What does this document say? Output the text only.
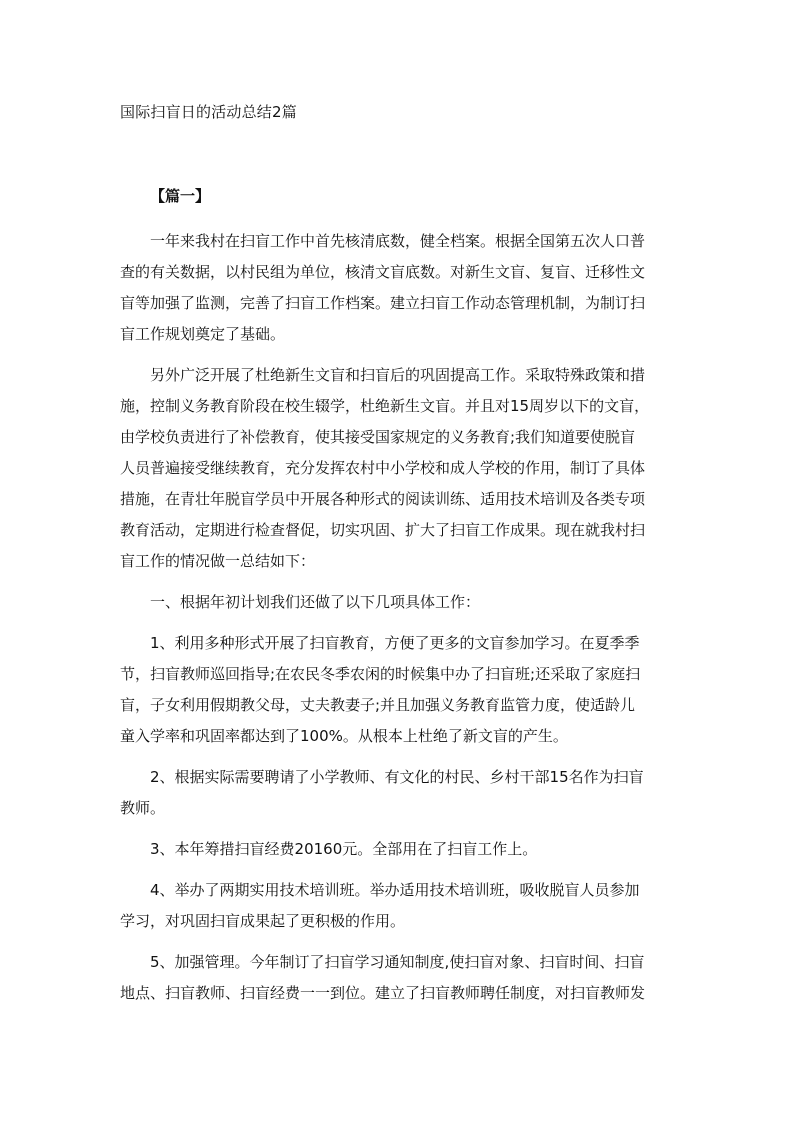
国际扫盲日的活动总结2篇
【篇一】
一年来我村在扫盲工作中首先核清底数，健全档案。根据全国第五次人口普
查的有关数据，以村民组为单位，核清文盲底数。对新生文盲、复盲、迁移性文
盲等加强了监测，完善了扫盲工作档案。建立扫盲工作动态管理机制，为制订扫
盲工作规划奠定了基础。
另外广泛开展了杜绝新生文盲和扫盲后的巩固提高工作。采取特殊政策和措
施，控制义务教育阶段在校生辍学，杜绝新生文盲。并且对15周岁以下的文盲，
由学校负责进行了补偿教育，使其接受国家规定的义务教育;我们知道要使脱盲
人员普遍接受继续教育，充分发挥农村中小学校和成人学校的作用，制订了具体
措施，在青壮年脱盲学员中开展各种形式的阅读训练、适用技术培训及各类专项
教育活动，定期进行检查督促，切实巩固、扩大了扫盲工作成果。现在就我村扫
盲工作的情况做一总结如下：
一、根据年初计划我们还做了以下几项具体工作：
1、利用多种形式开展了扫盲教育，方便了更多的文盲参加学习。在夏季季
节，扫盲教师巡回指导;在农民冬季农闲的时候集中办了扫盲班;还采取了家庭扫
盲，子女利用假期教父母，丈夫教妻子;并且加强义务教育监管力度，使适龄儿
童入学率和巩固率都达到了100%。从根本上杜绝了新文盲的产生。
2、根据实际需要聘请了小学教师、有文化的村民、乡村干部15名作为扫盲
教师。
3、本年筹措扫盲经费20160元。全部用在了扫盲工作上。
4、举办了两期实用技术培训班。举办适用技术培训班，吸收脱盲人员参加
学习，对巩固扫盲成果起了更积极的作用。
5、加强管理。今年制订了扫盲学习通知制度,使扫盲对象、扫盲时间、扫盲
地点、扫盲教师、扫盲经费一一到位。建立了扫盲教师聘任制度，对扫盲教师发
